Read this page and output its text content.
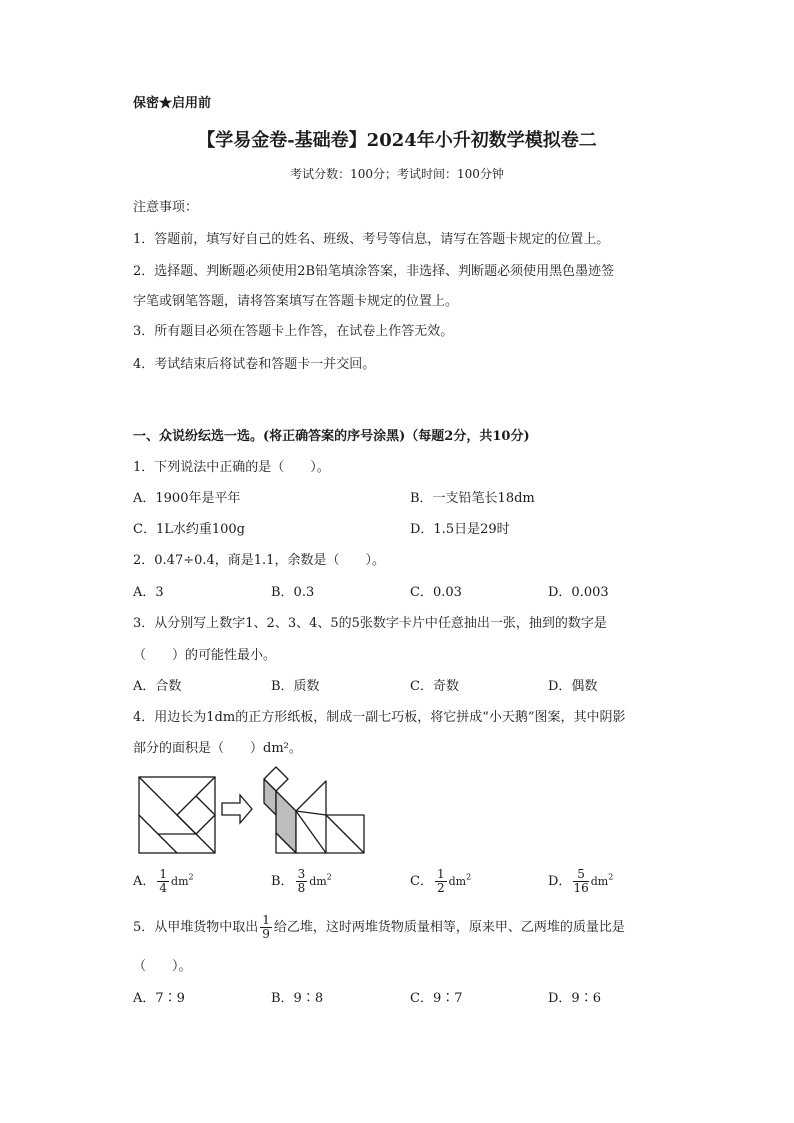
保密★启用前
【学易金卷-基础卷】2024年小升初数学模拟卷二
考试分数：100分；考试时间：100分钟
注意事项：
1．答题前，填写好自己的姓名、班级、考号等信息，请写在答题卡规定的位置上。
2．选择题、判断题必须使用2B铅笔填涂答案，非选择、判断题必须使用黑色墨迹签
字笔或钢笔答题，请将答案填写在答题卡规定的位置上。
3．所有题目必须在答题卡上作答，在试卷上作答无效。
4．考试结束后将试卷和答题卡一并交回。
一、众说纷纭选一选。(将正确答案的序号涂黑)（每题2分，共10分)
1．下列说法中正确的是（　　）。
A．1900年是平年	B．一支铅笔长18dm
C．1L水约重100g	D．1.5日是29时
2．0.47÷0.4，商是1.1，余数是（　　）。
A．3	B．0.3	C．0.03	D．0.003
3．从分别写上数字1、2、3、4、5的5张数字卡片中任意抽出一张，抽到的数字是
（　　）的可能性最小。
A．合数	B．质数	C．奇数	D．偶数
4．用边长为1dm的正方形纸板，制成一副七巧板，将它拼成“小天鹅”图案，其中阴影
部分的面积是（　　）dm²。
A． $\frac{1}{4} dm^2$	B． $\frac{3}{8} dm^2$	C． $\frac{1}{2} dm^2$	D． $\frac{5}{16} dm^2$
5．从甲堆货物中取出 $\frac{1}{9}$ 给乙堆，这时两堆货物质量相等，原来甲、乙两堆的质量比是
（　　）。
A．7∶9	B．9∶8	C．9∶7	D．9∶6
